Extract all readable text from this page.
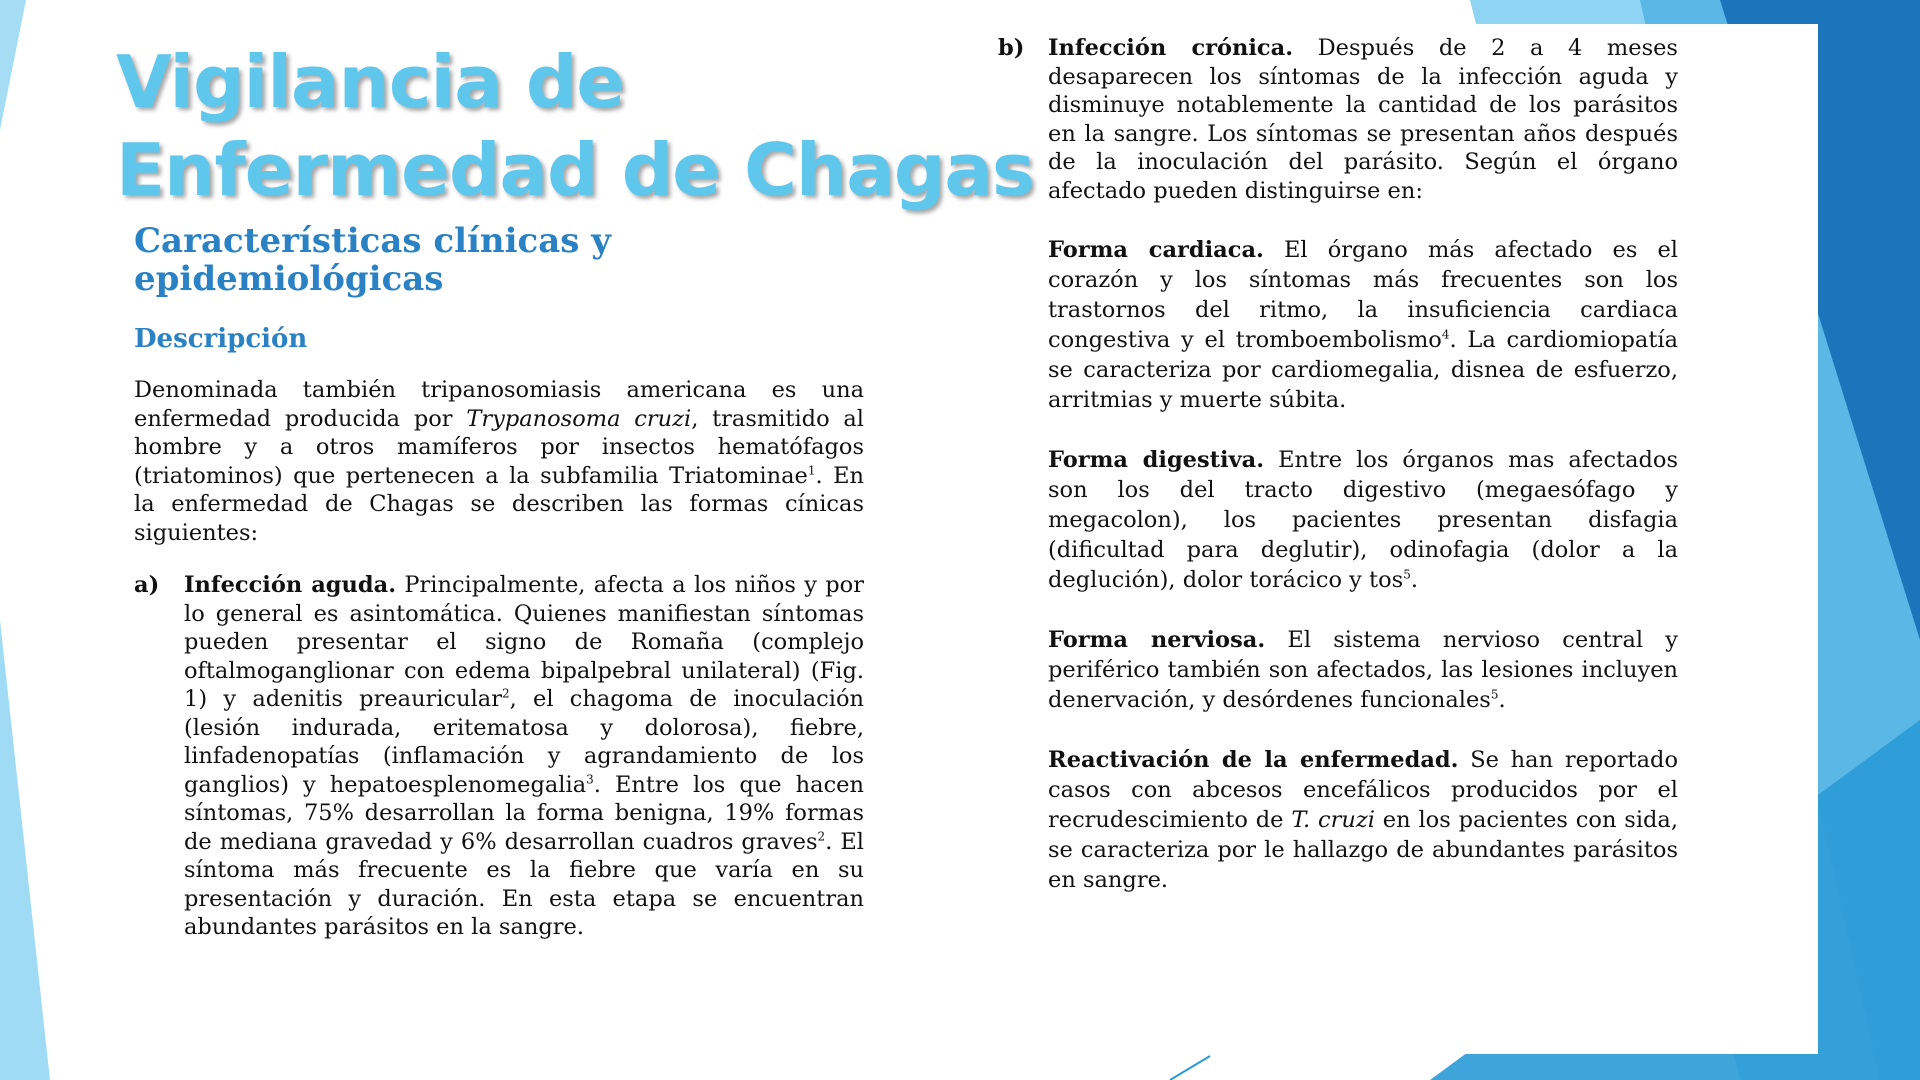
Características clínicas y
epidemiológicas
Descripción

Denominada también tripanosomiasis americana es una enfermedad producida por Trypanosoma cruzi, trasmitido al hombre y a otros mamíferos por insectos hematófagos (triatominos) que pertenecen a la subfamilia Triatominae$^1$. En la enfermedad de Chagas se describen las formas cínicas siguientes:

a) Infección aguda. Principalmente, afecta a los niños y por lo general es asintomática. Quienes manifiestan síntomas pueden presentar el signo de Romaña (complejo oftalmoganglionar con edema bipalpebral unilateral) (Fig. 1) y adenitis preauricular$^2$, el chagoma de inoculación (lesión indurada, eritematosa y dolorosa), fiebre, linfadenopatías (inflamación y agrandamiento de los ganglios) y hepatoesplenomegalia$^3$. Entre los que hacen síntomas, 75% desarrollan la forma benigna, 19% formas de mediana gravedad y 6% desarrollan cuadros graves$^2$. El síntoma más frecuente es la fiebre que varía en su presentación y duración. En esta etapa se encuentran abundantes parásitos en la sangre.

b) Infección crónica. Después de 2 a 4 meses desaparecen los síntomas de la infección aguda y disminuye notablemente la cantidad de los parásitos en la sangre. Los síntomas se presentan años después de la inoculación del parásito. Según el órgano afectado pueden distinguirse en:

Forma cardiaca. El órgano más afectado es el corazón y los síntomas más frecuentes son los trastornos del ritmo, la insuficiencia cardiaca congestiva y el tromboembolismo$^4$. La cardiomiopatía se caracteriza por cardiomegalia, disnea de esfuerzo, arritmias y muerte súbita.

Forma digestiva. Entre los órganos mas afectados son los del tracto digestivo (megaesófago y megacolon), los pacientes presentan disfagia (dificultad para deglutir), odinofagia (dolor a la deglución), dolor torácico y tos$^5$.

Forma nerviosa. El sistema nervioso central y periférico también son afectados, las lesiones incluyen denervación, y desórdenes funcionales$^5$.

Reactivación de la enfermedad. Se han reportado casos con abcesos encefálicos producidos por el recrudescimiento de T. cruzi en los pacientes con sida, se caracteriza por le hallazgo de abundantes parásitos en sangre.

Vigilancia de
Enfermedad de Chagas
